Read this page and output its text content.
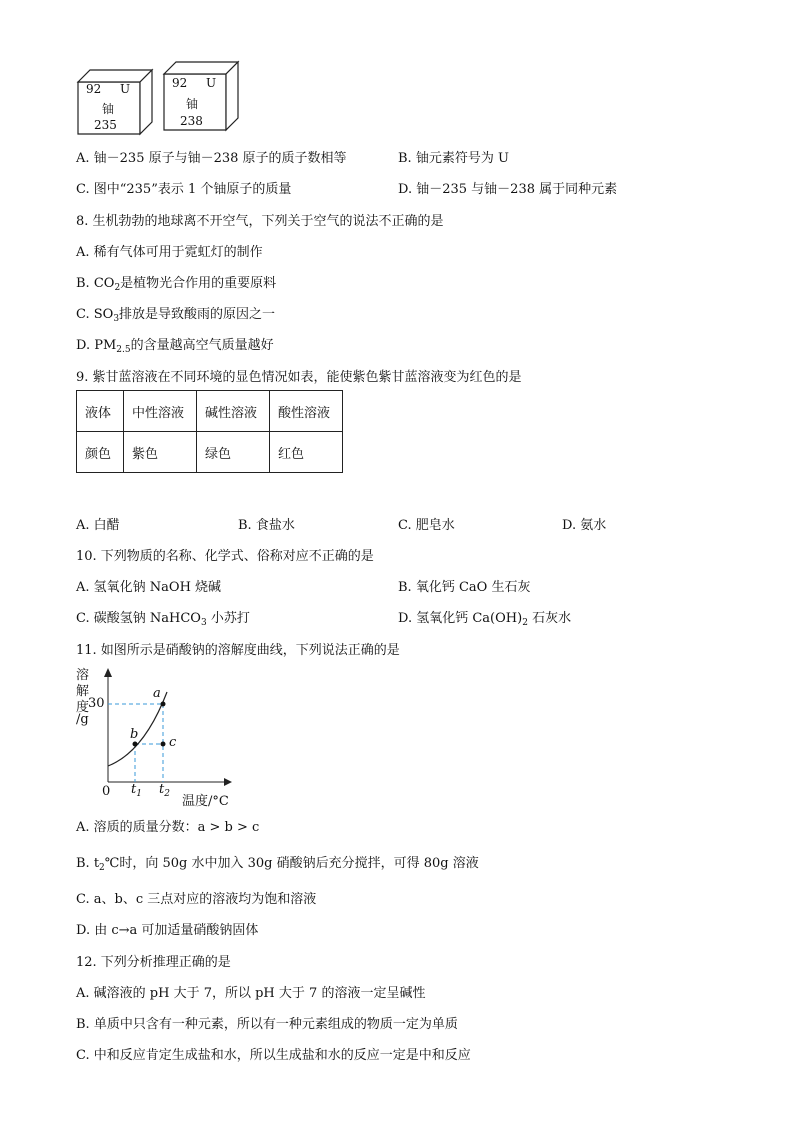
92 U
铀
235
92 U
铀
238
A. 铀－235 原子与铀－238 原子的质子数相等	B. 铀元素符号为 U
C. 图中“235”表示 1 个铀原子的质量	D. 铀－235 与铀－238 属于同种元素
8. 生机勃勃的地球离不开空气，下列关于空气的说法不正确的是
A. 稀有气体可用于霓虹灯的制作
B. $CO_2$是植物光合作用的重要原料
C. $SO_3$排放是导致酸雨的原因之一
D. $PM_{2.5}$的含量越高空气质量越好
9. 紫甘蓝溶液在不同环境的显色情况如表，能使紫色紫甘蓝溶液变为红色的是
液体	中性溶液	碱性溶液	酸性溶液
颜色	紫色	绿色	红色
A. 白醋	B. 食盐水	C. 肥皂水	D. 氨水
10. 下列物质的名称、化学式、俗称对应不正确的是
A. 氢氧化钠 NaOH 烧碱	B. 氧化钙 CaO 生石灰
C. 碳酸氢钠 NaHCO$_3$ 小苏打	D. 氢氧化钙 $Ca(OH)_2$ 石灰水
11. 如图所示是硝酸钠的溶解度曲线，下列说法正确的是
溶
解
度
/g
30
0 $t_1$ $t_2$ 温度/°C
a
b
c
A. 溶质的质量分数：a > b > c
B. $t_2℃$时，向 50g 水中加入 30g 硝酸钠后充分搅拌，可得 80g 溶液
C. a、b、c 三点对应的溶液均为饱和溶液
D. 由 c→a 可加适量硝酸钠固体
12. 下列分析推理正确的是
A. 碱溶液的 pH 大于 7，所以 pH 大于 7 的溶液一定呈碱性
B. 单质中只含有一种元素，所以有一种元素组成的物质一定为单质
C. 中和反应肯定生成盐和水，所以生成盐和水的反应一定是中和反应
